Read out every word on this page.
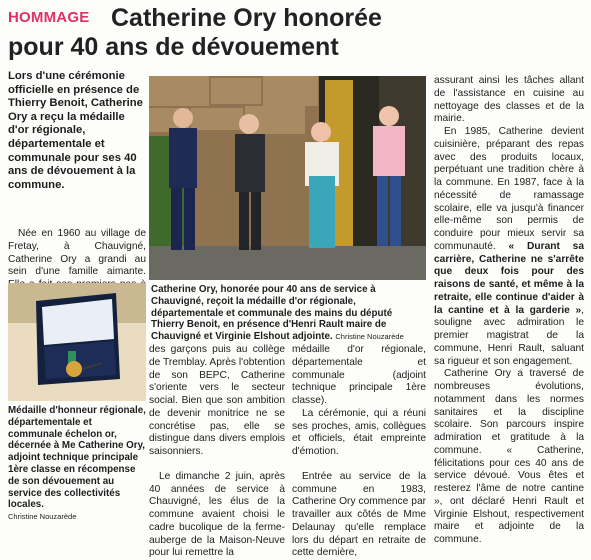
HOMMAGE Catherine Ory honorée
pour 40 ans de dévouement
Lors d'une cérémonie officielle en présence de Thierry Benoit, Catherine Ory a reçu la médaille d'or régionale, départementale et communale pour ses 40 ans de dévouement à la commune.

Née en 1960 au village de Fretay, à Chauvigné, Catherine Ory a grandi au sein d'une famille aimante.

Catherine Ory, honorée pour 40 ans de service à Chauvigné, reçoit la médaille d'or régionale, départementale et communale des mains du député Thierry Benoit, en présence d'Henri Rault maire de Chauvigné et Virginie Elshout adjointe. Christine Nouzarède
Médaille d'honneur régionale, départementale et communale échelon or, décernée à Me Catherine Ory, adjoint technique principale 1ère classe en récompense de son dévouement au service des collectivités locales.
Christine Nouzarède

des garçons puis au collège de Tremblay. Après l'obtention de son BEPC, Catherine s'oriente vers le secteur social. Bien que son ambition de devenir monitrice ne se concrétise pas, elle se distingue dans divers emplois saisonniers.

Le dimanche 2 juin, après 40 années de service à Chauvigné, les élus de la commune avaient choisi le cadre bucolique de la ferme-auberge de la Maison-Neuve pour lui remettre la

médaille d'or régionale, départementale et communale (adjoint technique principale 1ère classe).

La cérémonie, qui a réuni ses proches, amis, collègues et officiels, était empreinte d'émotion.

Entrée au service de la commune en 1983, Catherine Ory commence par travailler aux côtés de Mme Delaunay qu'elle remplace lors du départ en retraite de cette dernière,

assurant ainsi les tâches allant de l'assistance en cuisine au nettoyage des classes et de la mairie.

En 1985, Catherine devient cuisinière, préparant des repas avec des produits locaux, perpétuant une tradition chère à la commune. En 1987, face à la nécessité de ramassage scolaire, elle va jusqu'à financer elle-même son permis de conduire pour mieux servir sa communauté. « Durant sa carrière, Catherine ne s'arrête que deux fois pour des raisons de santé, et même à la retraite, elle continue d'aider à la cantine et à la garderie », souligne avec admiration le premier magistrat de la commune, Henri Rault, saluant sa rigueur et son engagement.

Catherine Ory a traversé de nombreuses évolutions, notamment dans les normes sanitaires et la discipline scolaire. Son parcours inspire admiration et gratitude à la commune. « Catherine, félicitations pour ces 40 ans de service dévoué. Vous êtes et resterez l'âme de notre cantine », ont déclaré Henri Rault et Virginie Elshout, respectivement maire et adjointe de la commune.
